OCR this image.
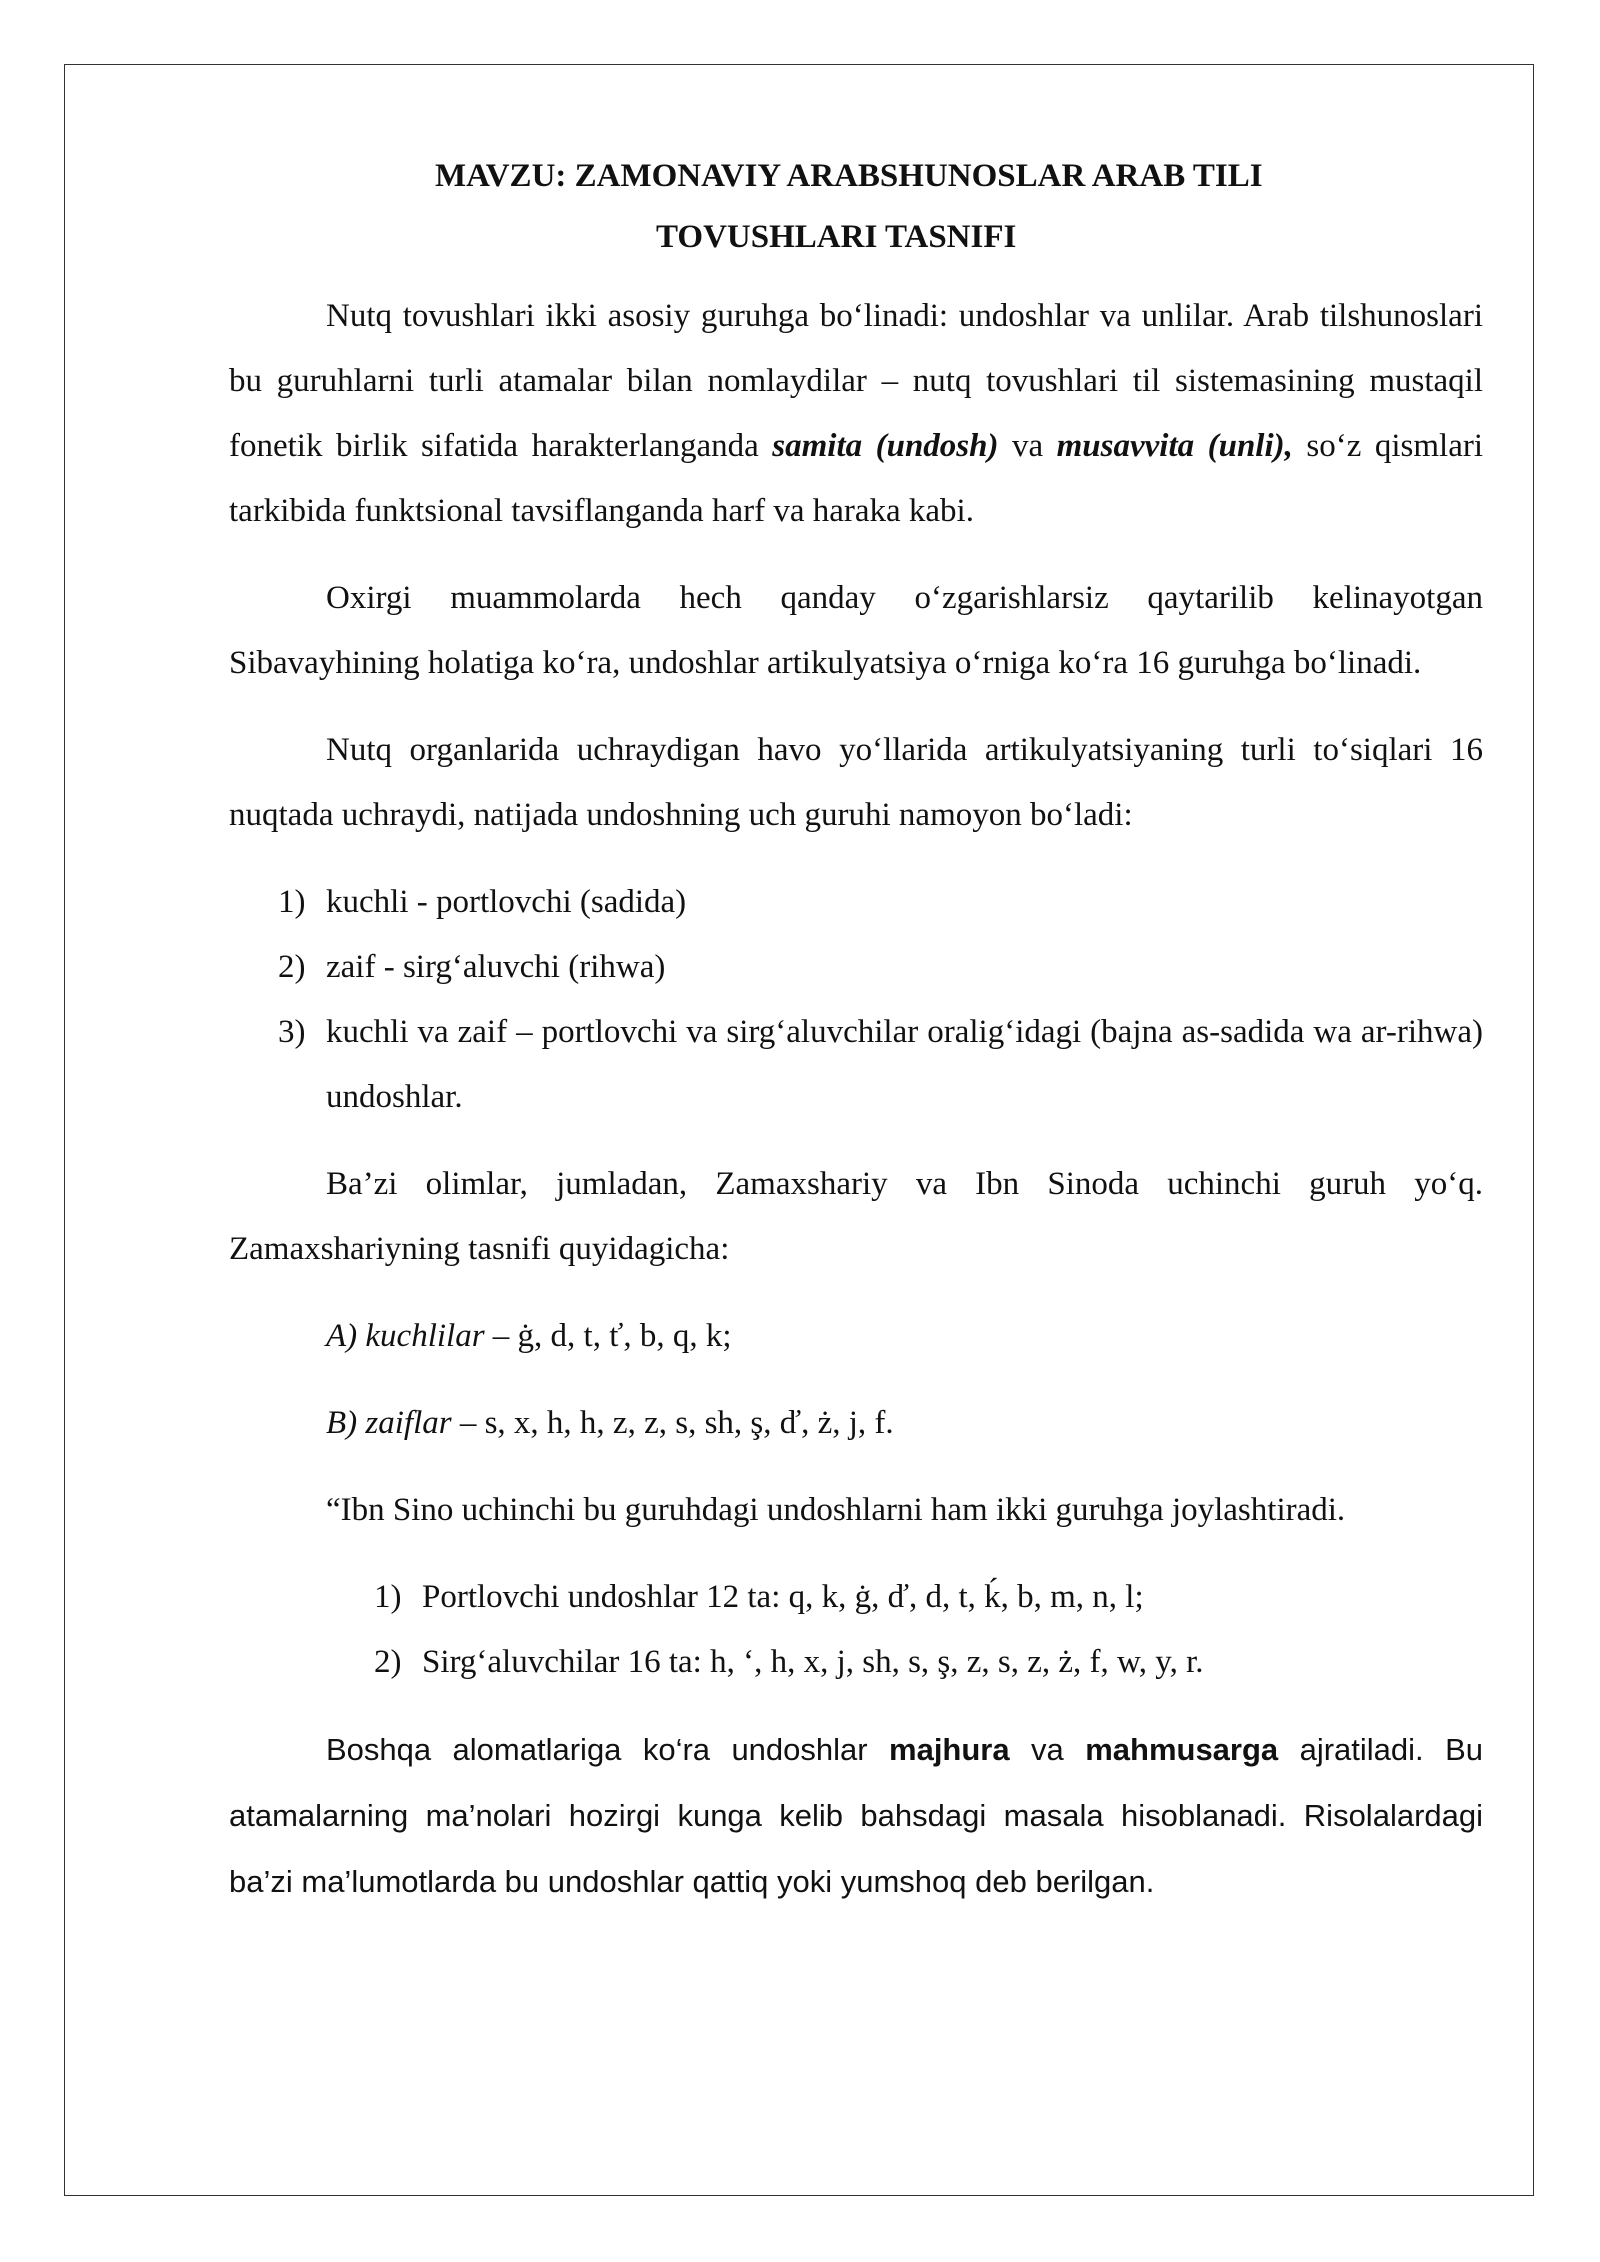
MAVZU: ZAMONAVIY ARABSHUNOSLAR ARAB TILI
TOVUSHLARI TASNIFI

Nutq tovushlari ikki asosiy guruhga bo‘linadi: undoshlar va unlilar. Arab tilshunoslari bu guruhlarni turli atamalar bilan nomlaydilar – nutq tovushlari til sistemasining mustaqil fonetik birlik sifatida harakterlanganda samita (undosh) va musavvita (unli), so‘z qismlari tarkibida funktsional tavsiflanganda harf va haraka kabi.

Oxirgi muammolarda hech qanday o‘zgarishlarsiz qaytarilib kelinayotgan Sibavayhining holatiga ko‘ra, undoshlar artikulyatsiya o‘rniga ko‘ra 16 guruhga bo‘linadi.

Nutq organlarida uchraydigan havo yo‘llarida artikulyatsiyaning turli to‘siqlari 16 nuqtada uchraydi, natijada undoshning uch guruhi namoyon bo‘ladi:

1) kuchli - portlovchi (sadida)
2) zaif - sirg‘aluvchi (rihwa)
3) kuchli va zaif – portlovchi va sirg‘aluvchilar oralig‘idagi (bajna as-sadida wa ar-rihwa) undoshlar.

Ba’zi olimlar, jumladan, Zamaxshariy va Ibn Sinoda uchinchi guruh yo‘q. Zamaxshariyning tasnifi quyidagicha:

A) kuchlilar – ġ, d, t, ť, b, q, k;

B) zaiflar – s, x, h, h, z, z, s, sh, ş, ď, ż, j, f.

“Ibn Sino uchinchi bu guruhdagi undoshlarni ham ikki guruhga joylashtiradi.

1) Portlovchi undoshlar 12 ta: q, k, ġ, ď, d, t, ḱ, b, m, n, l;
2) Sirg‘aluvchilar 16 ta: h, ‘, h, x, j, sh, s, ş, z, s, z, ż, f, w, y, r.

Boshqa alomatlariga ko‘ra undoshlar majhura va mahmusarga ajratiladi. Bu atamalarning ma’nolari hozirgi kunga kelib bahsdagi masala hisoblanadi. Risolalardagi ba’zi ma’lumotlarda bu undoshlar qattiq yoki yumshoq deb berilgan.
